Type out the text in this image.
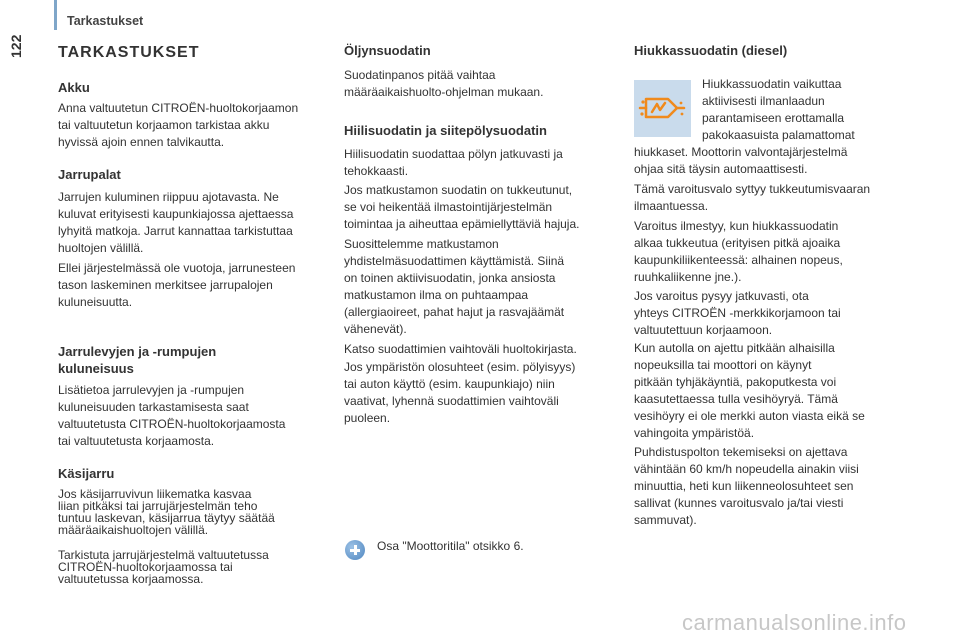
Tarkastukset
122 TARKASTUKSET
Akku

Anna valtuutetun CITROËN-huoltokorjaamon
tai valtuutetun korjaamon tarkistaa akku
hyvissä ajoin ennen talvikautta.

Jarrupalat

Jarrujen kuluminen riippuu ajotavasta. Ne
kuluvat erityisesti kaupunkiajossa ajettaessa
lyhyitä matkoja. Jarrut kannattaa tarkistuttaa
huoltojen välillä.

Ellei järjestelmässä ole vuotoja, jarrunesteen
tason laskeminen merkitsee jarrupalojen
kuluneisuutta.

Jarrulevyjen ja -rumpujen
kuluneisuus

Lisätietoa jarrulevyjen ja -rumpujen
kuluneisuuden tarkastamisesta saat
valtuutetusta CITROËN-huoltokorjaamosta
tai valtuutetusta korjaamosta.

Käsijarru

Jos käsijarruvivun liikematka kasvaa
liian pitkäksi tai jarrujärjestelmän teho
tuntuu laskevan, käsijarrua täytyy säätää
määräaikaishuoltojen välillä.

Tarkistuta jarrujärjestelmä valtuutetussa
CITROËN-huoltokorjaamossa tai
valtuutetussa korjaamossa.

Öljynsuodatin

Suodatinpanos pitää vaihtaa
määräaikaishuolto-ohjelman mukaan.

Hiilisuodatin ja siitepölysuodatin

Hiilisuodatin suodattaa pölyn jatkuvasti ja
tehokkaasti.

Jos matkustamon suodatin on tukkeutunut,
se voi heikentää ilmastointijärjestelmän
toimintaa ja aiheuttaa epämiellyttäviä hajuja.

Suosittelemme matkustamon
yhdistelmäsuodattimen käyttämistä. Siinä
on toinen aktiivisuodatin, jonka ansiosta
matkustamon ilma on puhtaampaa
(allergiaoireet, pahat hajut ja rasvajäämät
vähenevät).

Katso suodattimien vaihtoväli huoltokirjasta.

Jos ympäristön olosuhteet (esim. pölyisyys)
tai auton käyttö (esim. kaupunkiajo) niin
vaativat, lyhennä suodattimien vaihtoväli
puoleen.

Osa "Moottoritila" otsikko 6.

Hiukkassuodatin (diesel)

Hiukkassuodatin vaikuttaa
aktiivisesti ilmanlaadun
parantamiseen erottamalla
pakokaasuista palamattomat

hiukkaset. Moottorin valvontajärjestelmä
ohjaa sitä täysin automaattisesti.

Tämä varoitusvalo syttyy tukkeutumisvaaran
ilmaantuessa.

Varoitus ilmestyy, kun hiukkassuodatin
alkaa tukkeutua (erityisen pitkä ajoaika
kaupunkiliikenteessä: alhainen nopeus,
ruuhkaliikenne jne.).

Jos varoitus pysyy jatkuvasti, ota
yhteys CITROËN -merkkikorjamoon tai
valtuutettuun korjaamoon.

Kun autolla on ajettu pitkään alhaisilla
nopeuksilla tai moottori on käynyt
pitkään tyhjäkäyntiä, pakoputkesta voi
kaasutettaessa tulla vesihöyryä. Tämä
vesihöyry ei ole merkki auton viasta eikä se
vahingoita ympäristöä.

Puhdistuspolton tekemiseksi on ajettava
vähintään 60 km/h nopeudella ainakin viisi
minuuttia, heti kun liikenneolosuhteet sen
sallivat (kunnes varoitusvalo ja/tai viesti
sammuvat).

carmanualsonline.info
